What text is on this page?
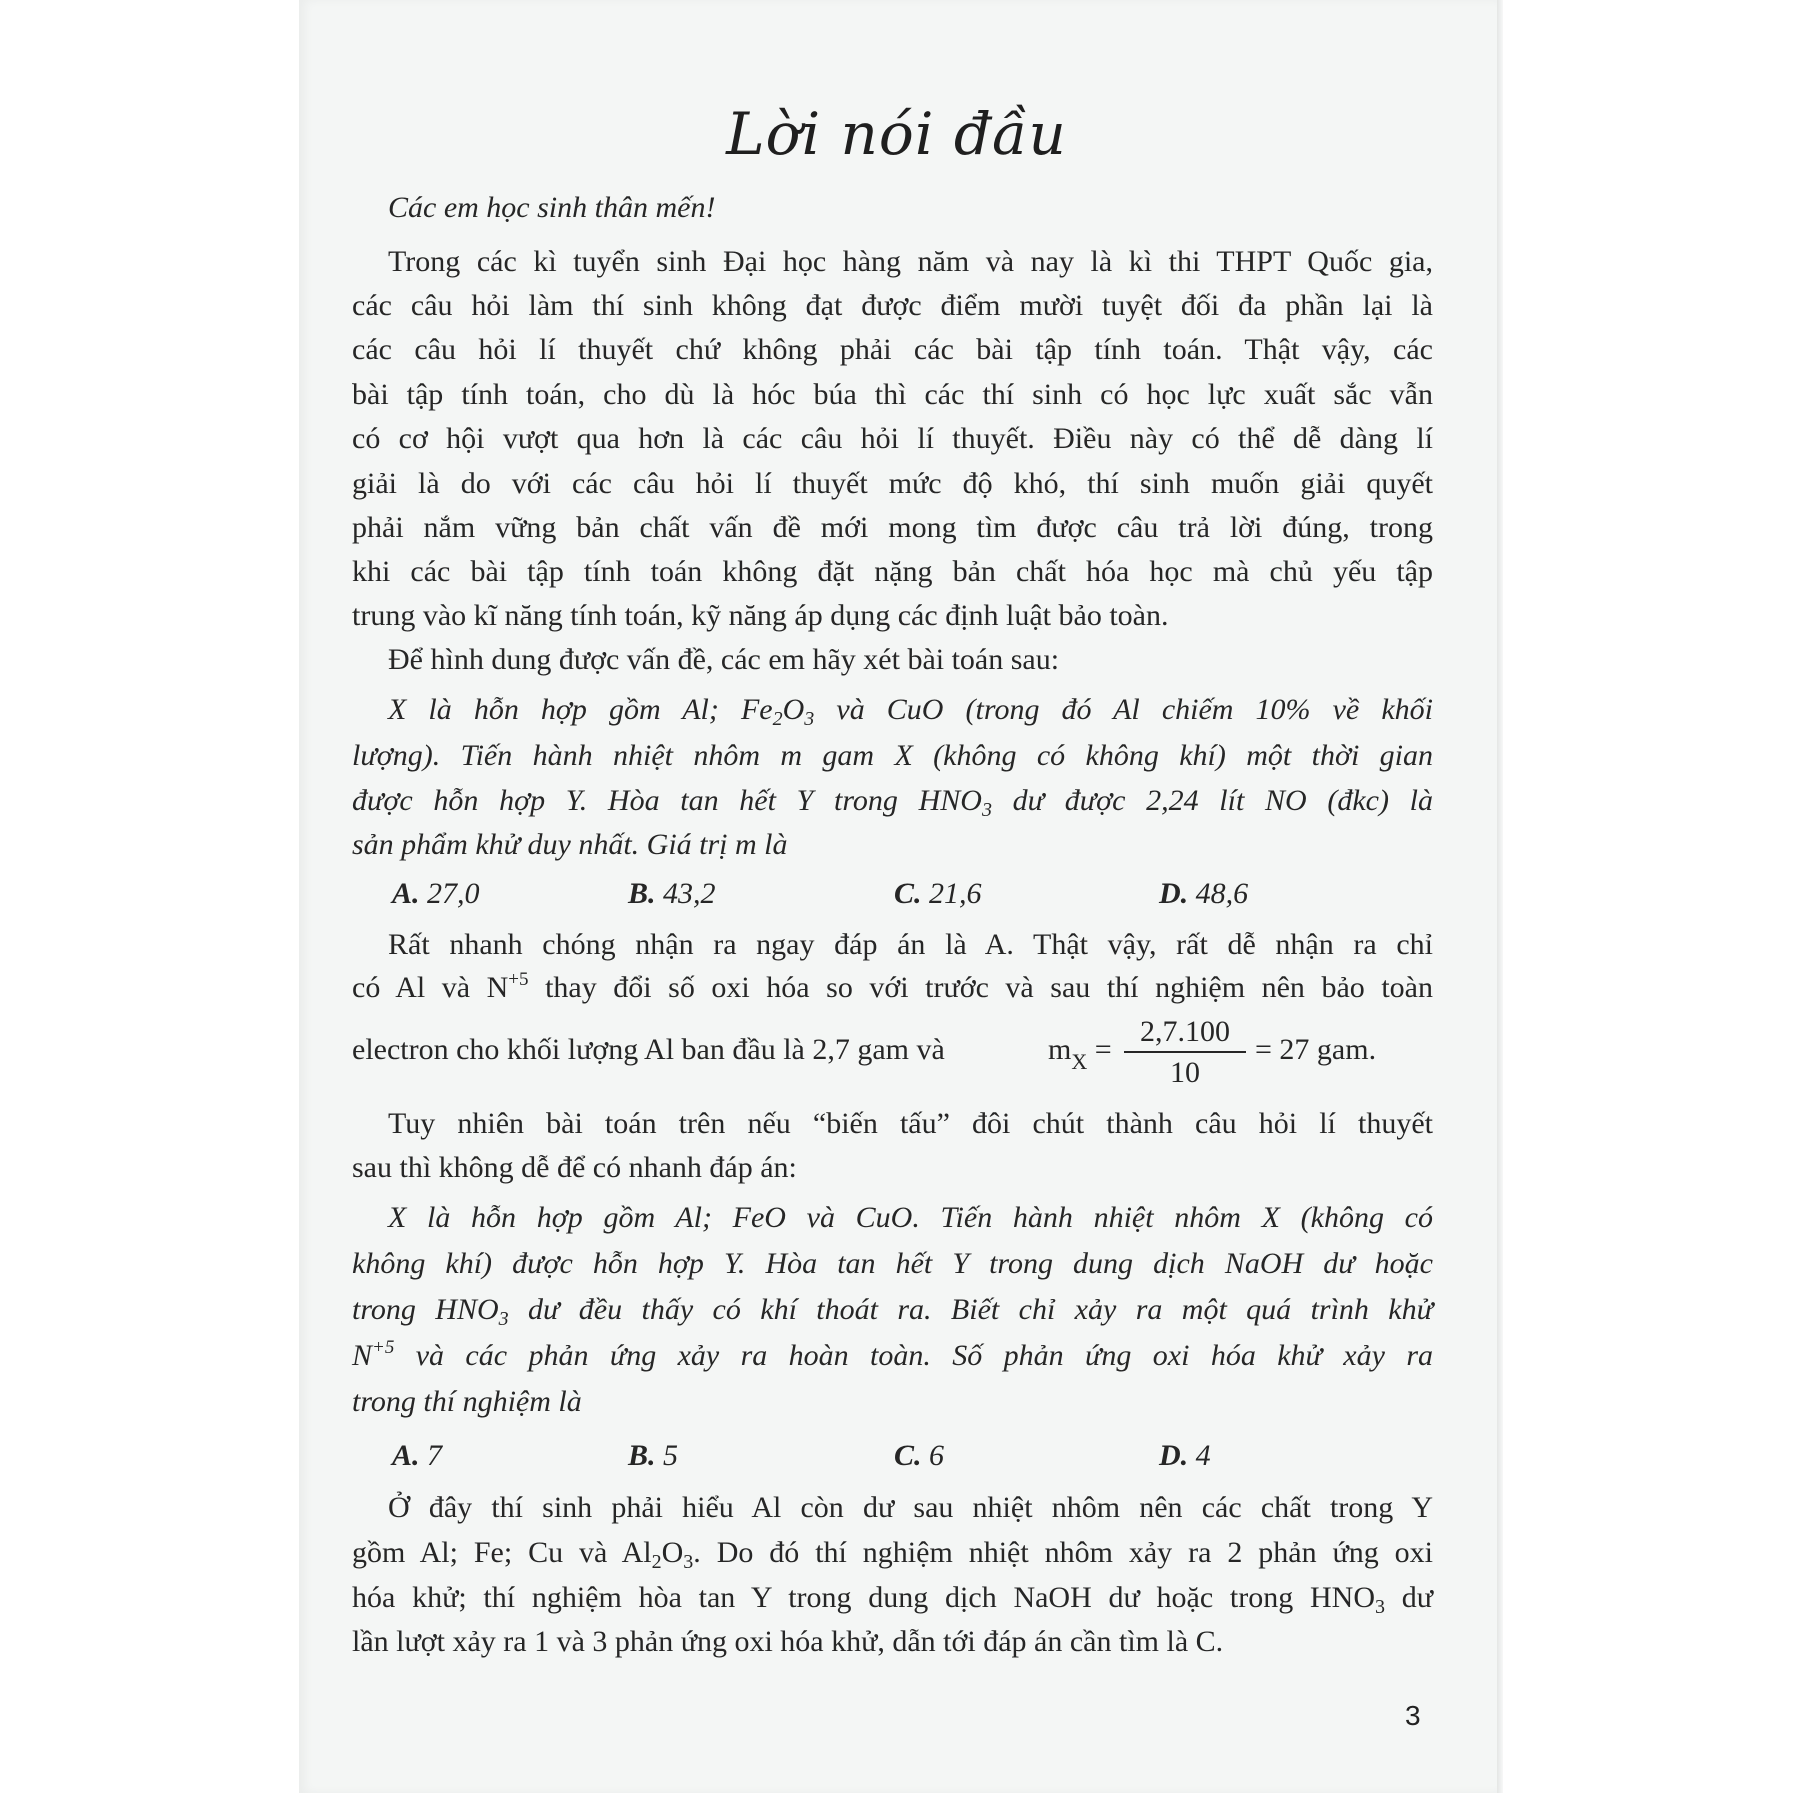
Lời nói đầu
Các em học sinh thân mến!
Trong các kì tuyển sinh Đại học hàng năm và nay là kì thi THPT Quốc gia,
các câu hỏi làm thí sinh không đạt được điểm mười tuyệt đối đa phần lại là
các câu hỏi lí thuyết chứ không phải các bài tập tính toán. Thật vậy, các
bài tập tính toán, cho dù là hóc búa thì các thí sinh có học lực xuất sắc vẫn
có cơ hội vượt qua hơn là các câu hỏi lí thuyết. Điều này có thể dễ dàng lí
giải là do với các câu hỏi lí thuyết mức độ khó, thí sinh muốn giải quyết
phải nắm vững bản chất vấn đề mới mong tìm được câu trả lời đúng, trong
khi các bài tập tính toán không đặt nặng bản chất hóa học mà chủ yếu tập
trung vào kĩ năng tính toán, kỹ năng áp dụng các định luật bảo toàn.
Để hình dung được vấn đề, các em hãy xét bài toán sau:
X là hỗn hợp gồm Al; $Fe_2O_3$ và CuO (trong đó Al chiếm 10% về khối
lượng). Tiến hành nhiệt nhôm m gam X (không có không khí) một thời gian
được hỗn hợp Y. Hòa tan hết Y trong $HNO_3$ dư được 2,24 lít NO (đkc) là
sản phẩm khử duy nhất. Giá trị m là
A. 27,0	B. 43,2	C. 21,6	D. 48,6
Rất nhanh chóng nhận ra ngay đáp án là A. Thật vậy, rất dễ nhận ra chỉ
có Al và $N^{+5}$ thay đổi số oxi hóa so với trước và sau thí nghiệm nên bảo toàn
electron cho khối lượng Al ban đầu là 2,7 gam và	$m_X = \frac{2,7.100}{10} = 27$ gam.
Tuy nhiên bài toán trên nếu “biến tấu” đôi chút thành câu hỏi lí thuyết
sau thì không dễ để có nhanh đáp án:
X là hỗn hợp gồm Al; FeO và CuO. Tiến hành nhiệt nhôm X (không có
không khí) được hỗn hợp Y. Hòa tan hết Y trong dung dịch NaOH dư hoặc
trong $HNO_3$ dư đều thấy có khí thoát ra. Biết chỉ xảy ra một quá trình khử
$N^{+5}$ và các phản ứng xảy ra hoàn toàn. Số phản ứng oxi hóa khử xảy ra
trong thí nghiệm là
A. 7	B. 5	C. 6	D. 4
Ở đây thí sinh phải hiểu Al còn dư sau nhiệt nhôm nên các chất trong Y
gồm Al; Fe; Cu và $Al_2O_3$. Do đó thí nghiệm nhiệt nhôm xảy ra 2 phản ứng oxi
hóa khử; thí nghiệm hòa tan Y trong dung dịch NaOH dư hoặc trong $HNO_3$ dư
lần lượt xảy ra 1 và 3 phản ứng oxi hóa khử, dẫn tới đáp án cần tìm là C.
3
